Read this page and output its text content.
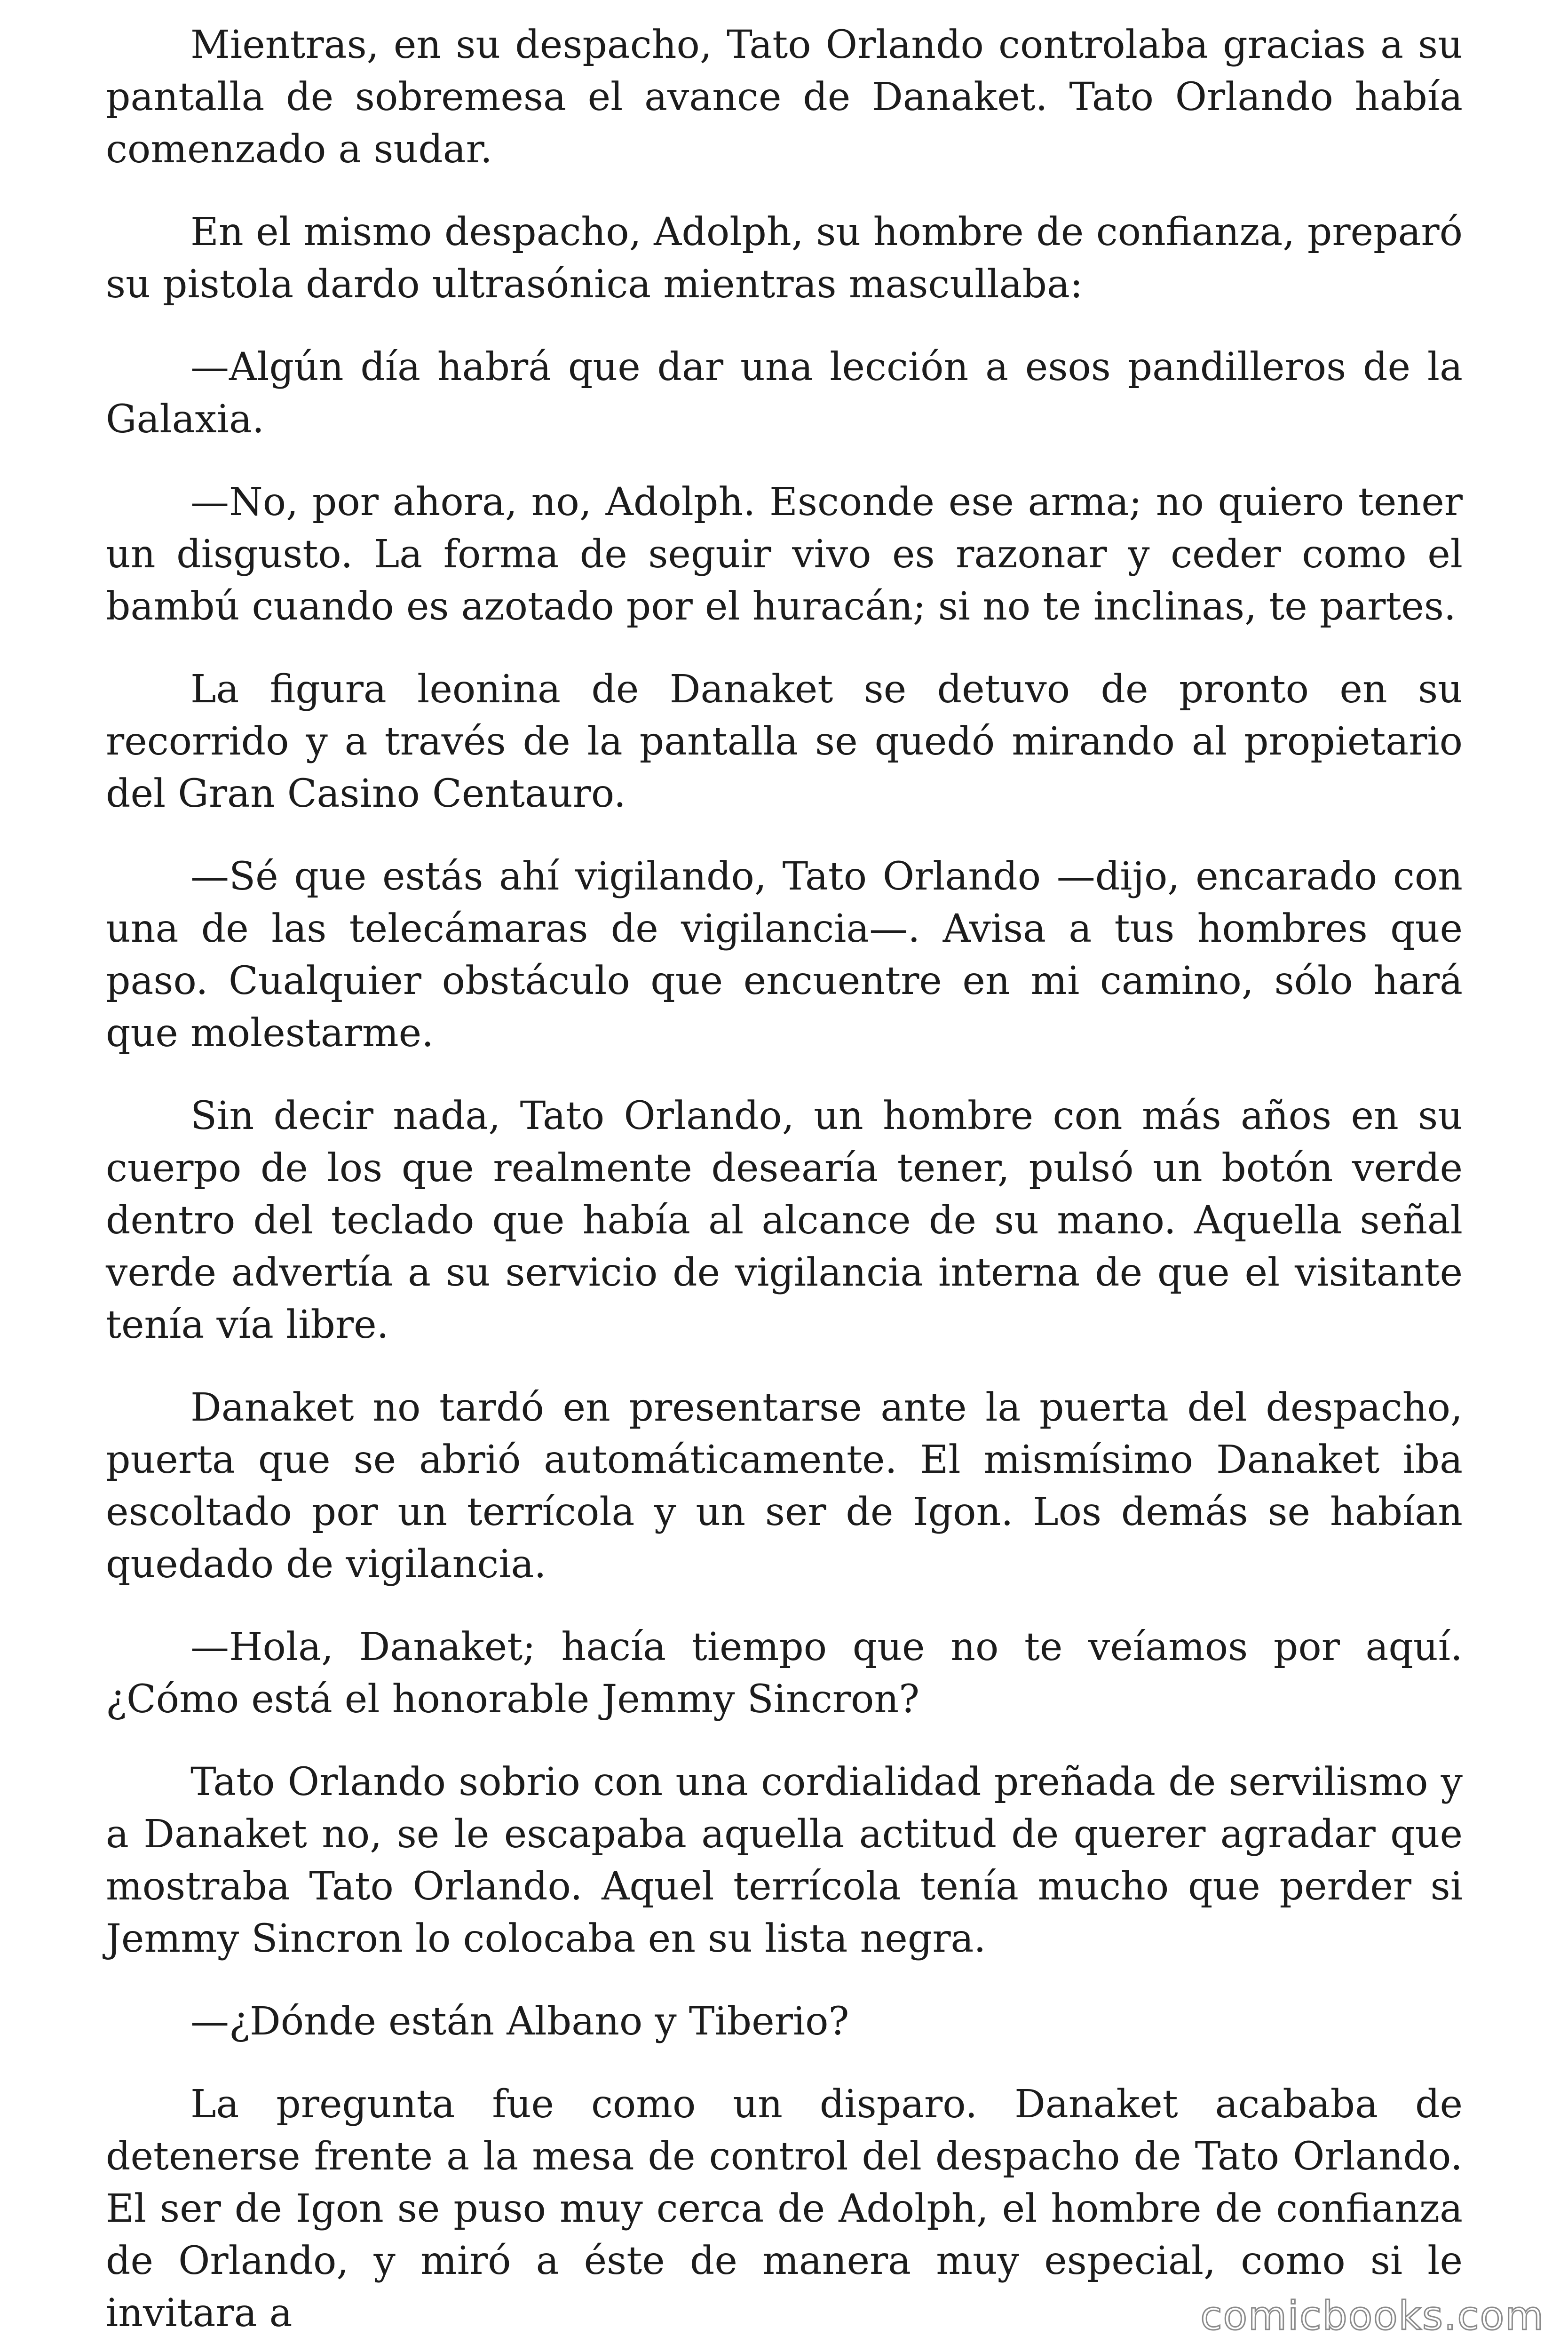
Mientras, en su despacho, Tato Orlando controlaba gracias a su pantalla de sobremesa el avance de Danaket. Tato Orlando había comenzado a sudar.

En el mismo despacho, Adolph, su hombre de confianza, preparó su pistola dardo ultrasónica mientras mascullaba:

—Algún día habrá que dar una lección a esos pandilleros de la Galaxia.

—No, por ahora, no, Adolph. Esconde ese arma; no quiero tener un disgusto. La forma de seguir vivo es razonar y ceder como el bambú cuando es azotado por el huracán; si no te inclinas, te partes.

La figura leonina de Danaket se detuvo de pronto en su recorrido y a través de la pantalla se quedó mirando al propietario del Gran Casino Centauro.

—Sé que estás ahí vigilando, Tato Orlando —dijo, encarado con una de las telecámaras de vigilancia—. Avisa a tus hombres que paso. Cualquier obstáculo que encuentre en mi camino, sólo hará que molestarme.

Sin decir nada, Tato Orlando, un hombre con más años en su cuerpo de los que realmente desearía tener, pulsó un botón verde dentro del teclado que había al alcance de su mano. Aquella señal verde advertía a su servicio de vigilancia interna de que el visitante tenía vía libre.

Danaket no tardó en presentarse ante la puerta del despacho, puerta que se abrió automáticamente. El mismísimo Danaket iba escoltado por un terrícola y un ser de Igon. Los demás se habían quedado de vigilancia.

—Hola, Danaket; hacía tiempo que no te veíamos por aquí. ¿Cómo está el honorable Jemmy Sincron?

Tato Orlando sobrio con una cordialidad preñada de servilismo y a Danaket no, se le escapaba aquella actitud de querer agradar que mostraba Tato Orlando. Aquel terrícola tenía mucho que perder si Jemmy Sincron lo colocaba en su lista negra.

—¿Dónde están Albano y Tiberio?

La pregunta fue como un disparo. Danaket acababa de detenerse frente a la mesa de control del despacho de Tato Orlando. El ser de Igon se puso muy cerca de Adolph, el hombre de confianza de Orlando, y miró a éste de manera muy especial, como si le invitara a	comicbooks.com
